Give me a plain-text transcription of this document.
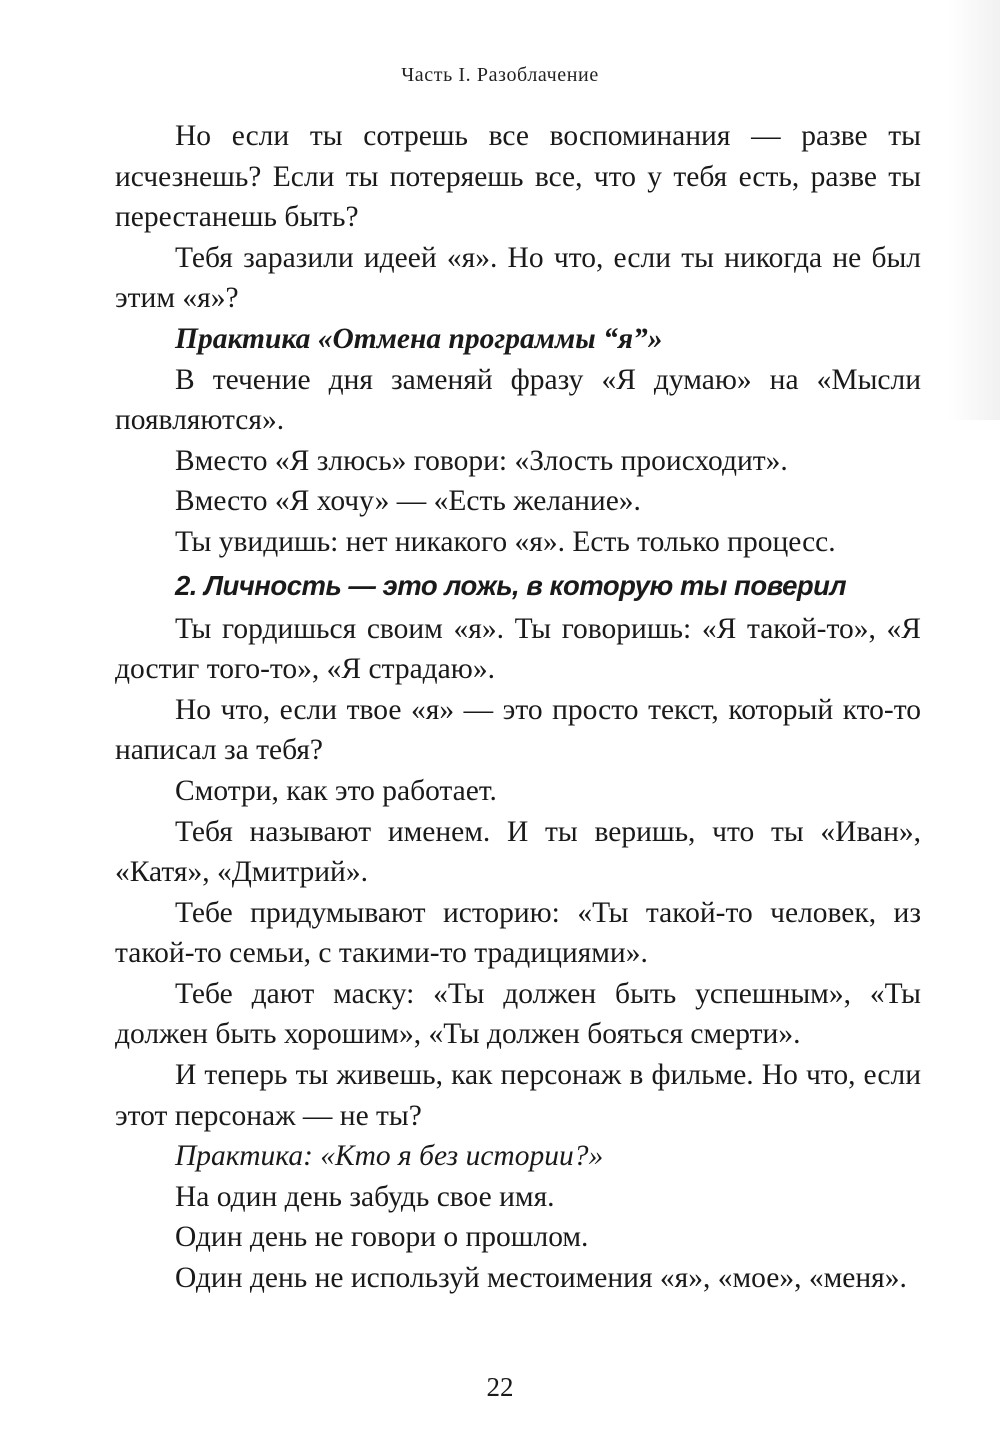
Часть I. Разоблачение

Но если ты сотрешь все воспоминания — разве ты исчезнешь? Если ты потеряешь все, что у тебя есть, разве ты перестанешь быть?

Тебя заразили идеей «я». Но что, если ты никогда не был этим «я»?

Практика «Отмена программы “я”»

В течение дня заменяй фразу «Я думаю» на «Мысли появляются».

Вместо «Я злюсь» говори: «Злость происходит».

Вместо «Я хочу» — «Есть желание».

Ты увидишь: нет никакого «я». Есть только процесс.

2. Личность — это ложь, в которую ты поверил

Ты гордишься своим «я». Ты говоришь: «Я такой-то», «Я достиг того-то», «Я страдаю».

Но что, если твое «я» — это просто текст, который кто-то написал за тебя?

Смотри, как это работает.

Тебя называют именем. И ты веришь, что ты «Иван», «Катя», «Дмитрий».

Тебе придумывают историю: «Ты такой-то человек, из такой-то семьи, с такими-то традициями».

Тебе дают маску: «Ты должен быть успешным», «Ты должен быть хорошим», «Ты должен бояться смерти».

И теперь ты живешь, как персонаж в фильме. Но что, если этот персонаж — не ты?

Практика: «Кто я без истории?»

На один день забудь свое имя.

Один день не говори о прошлом.

Один день не используй местоимения «я», «мое», «меня».

22
